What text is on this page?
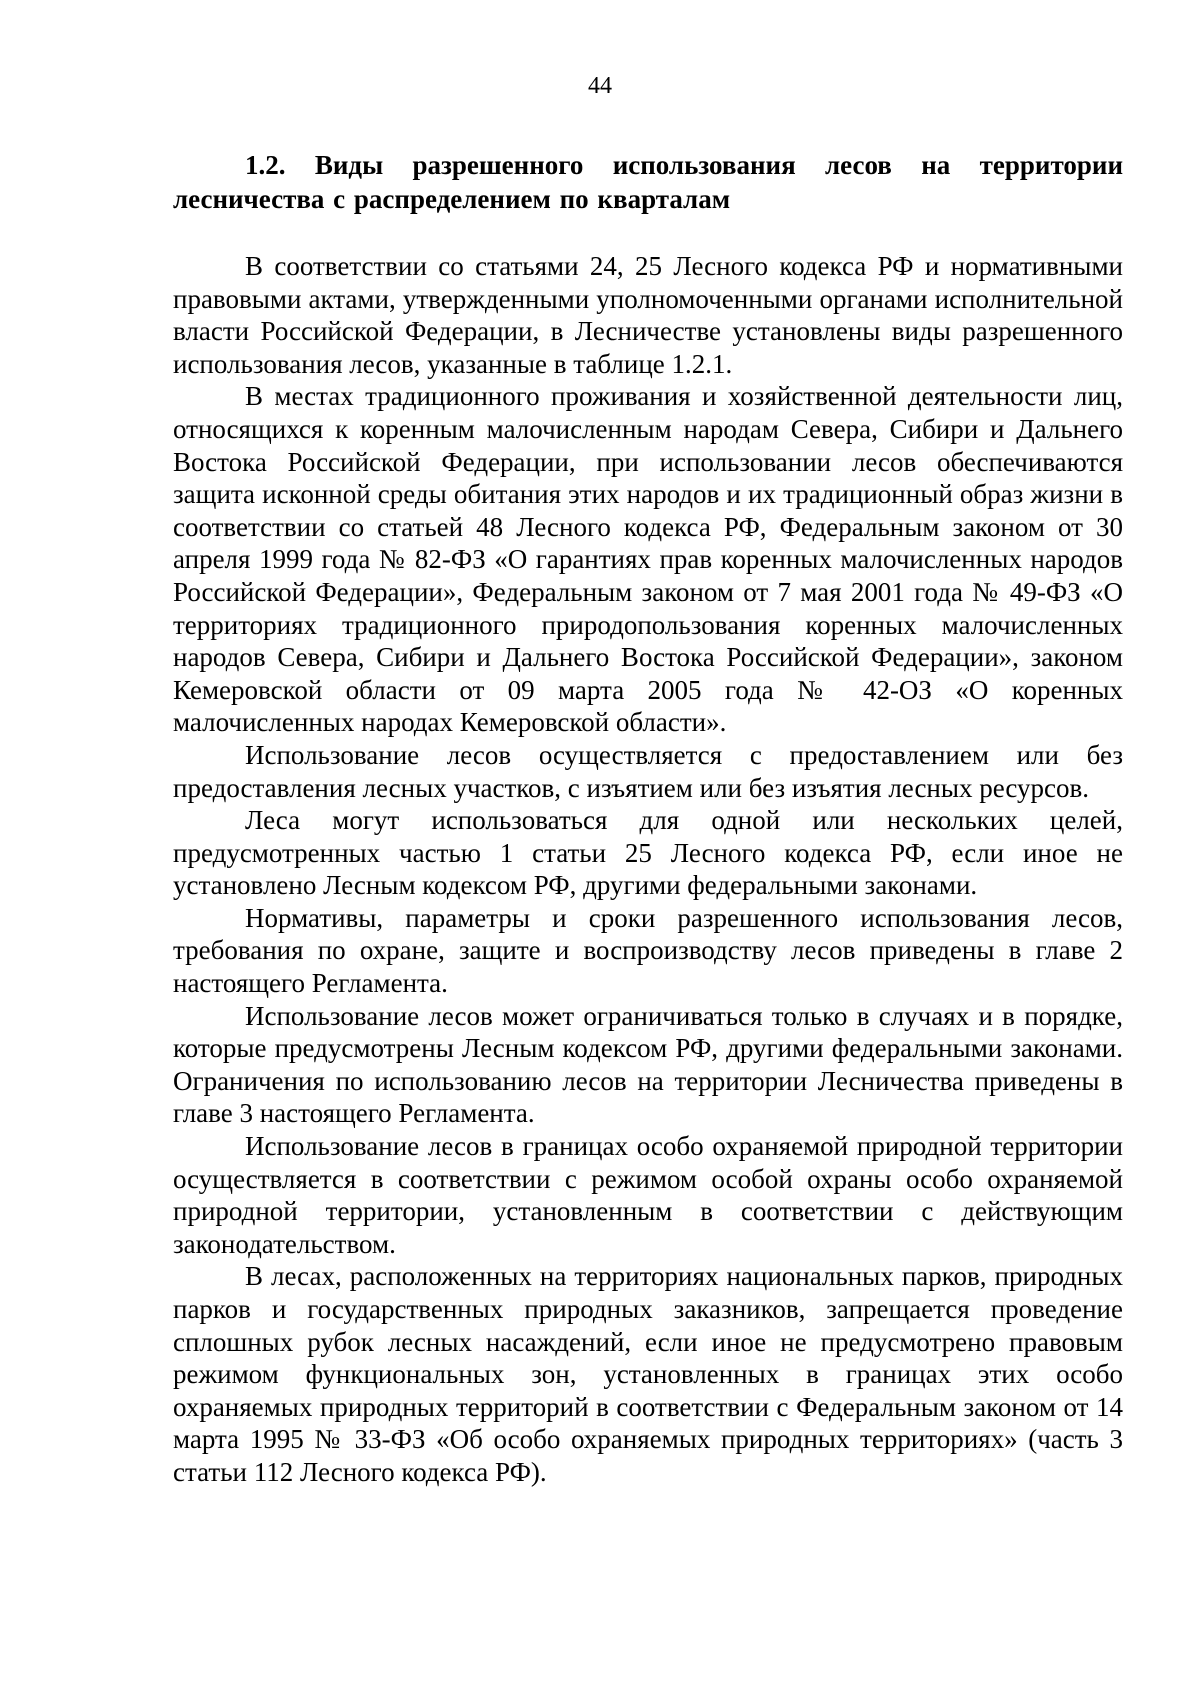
44
1.2. Виды разрешенного использования лесов на территории лесничества с распределением по кварталам

В соответствии со статьями 24, 25 Лесного кодекса РФ и нормативными правовыми актами, утвержденными уполномоченными органами исполнительной власти Российской Федерации, в Лесничестве установлены виды разрешенного использования лесов, указанные в таблице 1.2.1.

В местах традиционного проживания и хозяйственной деятельности лиц, относящихся к коренным малочисленным народам Севера, Сибири и Дальнего Востока Российской Федерации, при использовании лесов обеспечиваются защита исконной среды обитания этих народов и их традиционный образ жизни в соответствии со статьей 48 Лесного кодекса РФ, Федеральным законом от 30 апреля 1999 года № 82-ФЗ «О гарантиях прав коренных малочисленных народов Российской Федерации», Федеральным законом от 7 мая 2001 года № 49-ФЗ «О территориях традиционного природопользования коренных малочисленных народов Севера, Сибири и Дальнего Востока Российской Федерации», законом Кемеровской области от 09 марта 2005 года № 42-ОЗ «О коренных малочисленных народах Кемеровской области».

Использование лесов осуществляется с предоставлением или без предоставления лесных участков, с изъятием или без изъятия лесных ресурсов.

Леса могут использоваться для одной или нескольких целей, предусмотренных частью 1 статьи 25 Лесного кодекса РФ, если иное не установлено Лесным кодексом РФ, другими федеральными законами.

Нормативы, параметры и сроки разрешенного использования лесов, требования по охране, защите и воспроизводству лесов приведены в главе 2 настоящего Регламента.

Использование лесов может ограничиваться только в случаях и в порядке, которые предусмотрены Лесным кодексом РФ, другими федеральными законами. Ограничения по использованию лесов на территории Лесничества приведены в главе 3 настоящего Регламента.

Использование лесов в границах особо охраняемой природной территории осуществляется в соответствии с режимом особой охраны особо охраняемой природной территории, установленным в соответствии с действующим законодательством.

В лесах, расположенных на территориях национальных парков, природных парков и государственных природных заказников, запрещается проведение сплошных рубок лесных насаждений, если иное не предусмотрено правовым режимом функциональных зон, установленных в границах этих особо охраняемых природных территорий в соответствии с Федеральным законом от 14 марта 1995 № 33-ФЗ «Об особо охраняемых природных территориях» (часть 3 статьи 112 Лесного кодекса РФ).
